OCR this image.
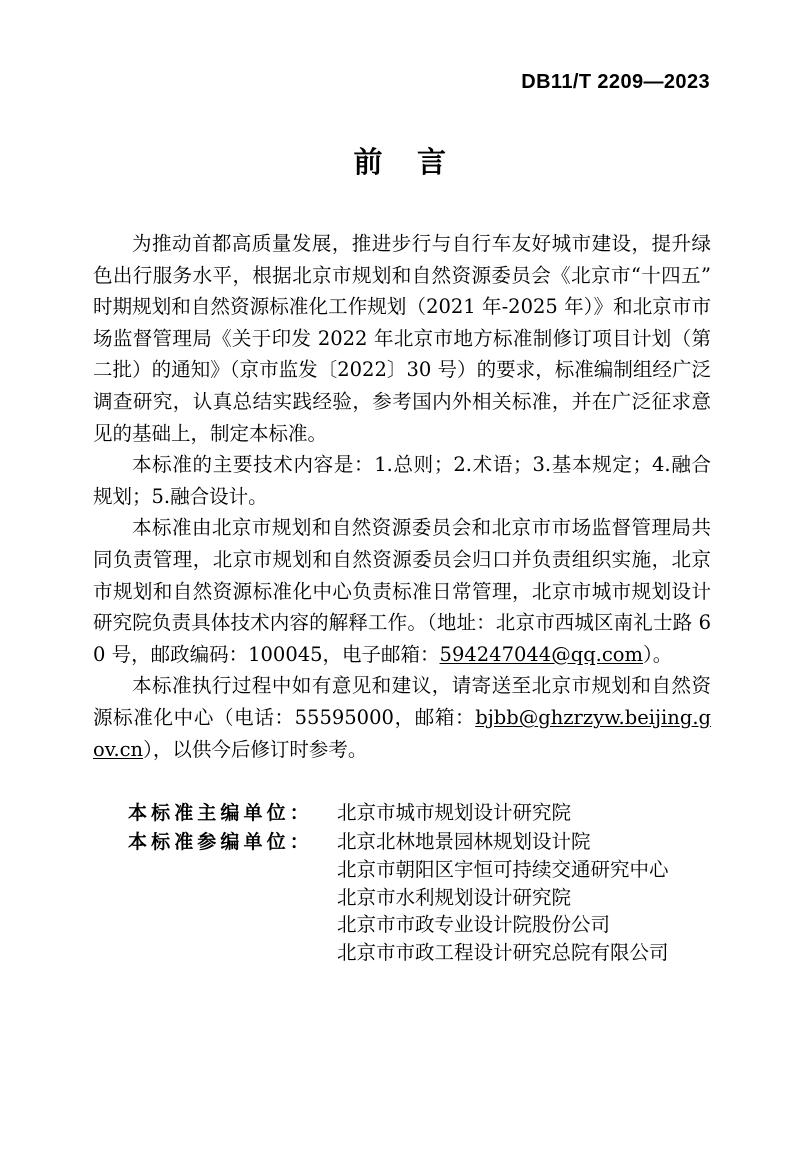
DB11/T 2209—2023
前 言
为推动首都高质量发展，推进步行与自行车友好城市建设，提升绿色出行服务水平，根据北京市规划和自然资源委员会《北京市“十四五”时期规划和自然资源标准化工作规划（2021 年-2025 年）》和北京市市场监督管理局《关于印发 2022 年北京市地方标准制修订项目计划（第二批）的通知》（京市监发〔2022〕30 号）的要求，标准编制组经广泛调查研究，认真总结实践经验，参考国内外相关标准，并在广泛征求意见的基础上，制定本标准。
本标准的主要技术内容是：1.总则；2.术语；3.基本规定；4.融合规划；5.融合设计。
本标准由北京市规划和自然资源委员会和北京市市场监督管理局共同负责管理，北京市规划和自然资源委员会归口并负责组织实施，北京市规划和自然资源标准化中心负责标准日常管理，北京市城市规划设计研究院负责具体技术内容的解释工作。（地址：北京市西城区南礼士路 60 号，邮政编码：100045，电子邮箱：594247044@qq.com）。
本标准执行过程中如有意见和建议，请寄送至北京市规划和自然资源标准化中心（电话：55595000，邮箱：bjbb@ghzrzyw.beijing.gov.cn），以供今后修订时参考。
本标准主编单位：	北京市城市规划设计研究院
本标准参编单位：	北京北林地景园林规划设计院
北京市朝阳区宇恒可持续交通研究中心
北京市水利规划设计研究院
北京市市政专业设计院股份公司
北京市市政工程设计研究总院有限公司
